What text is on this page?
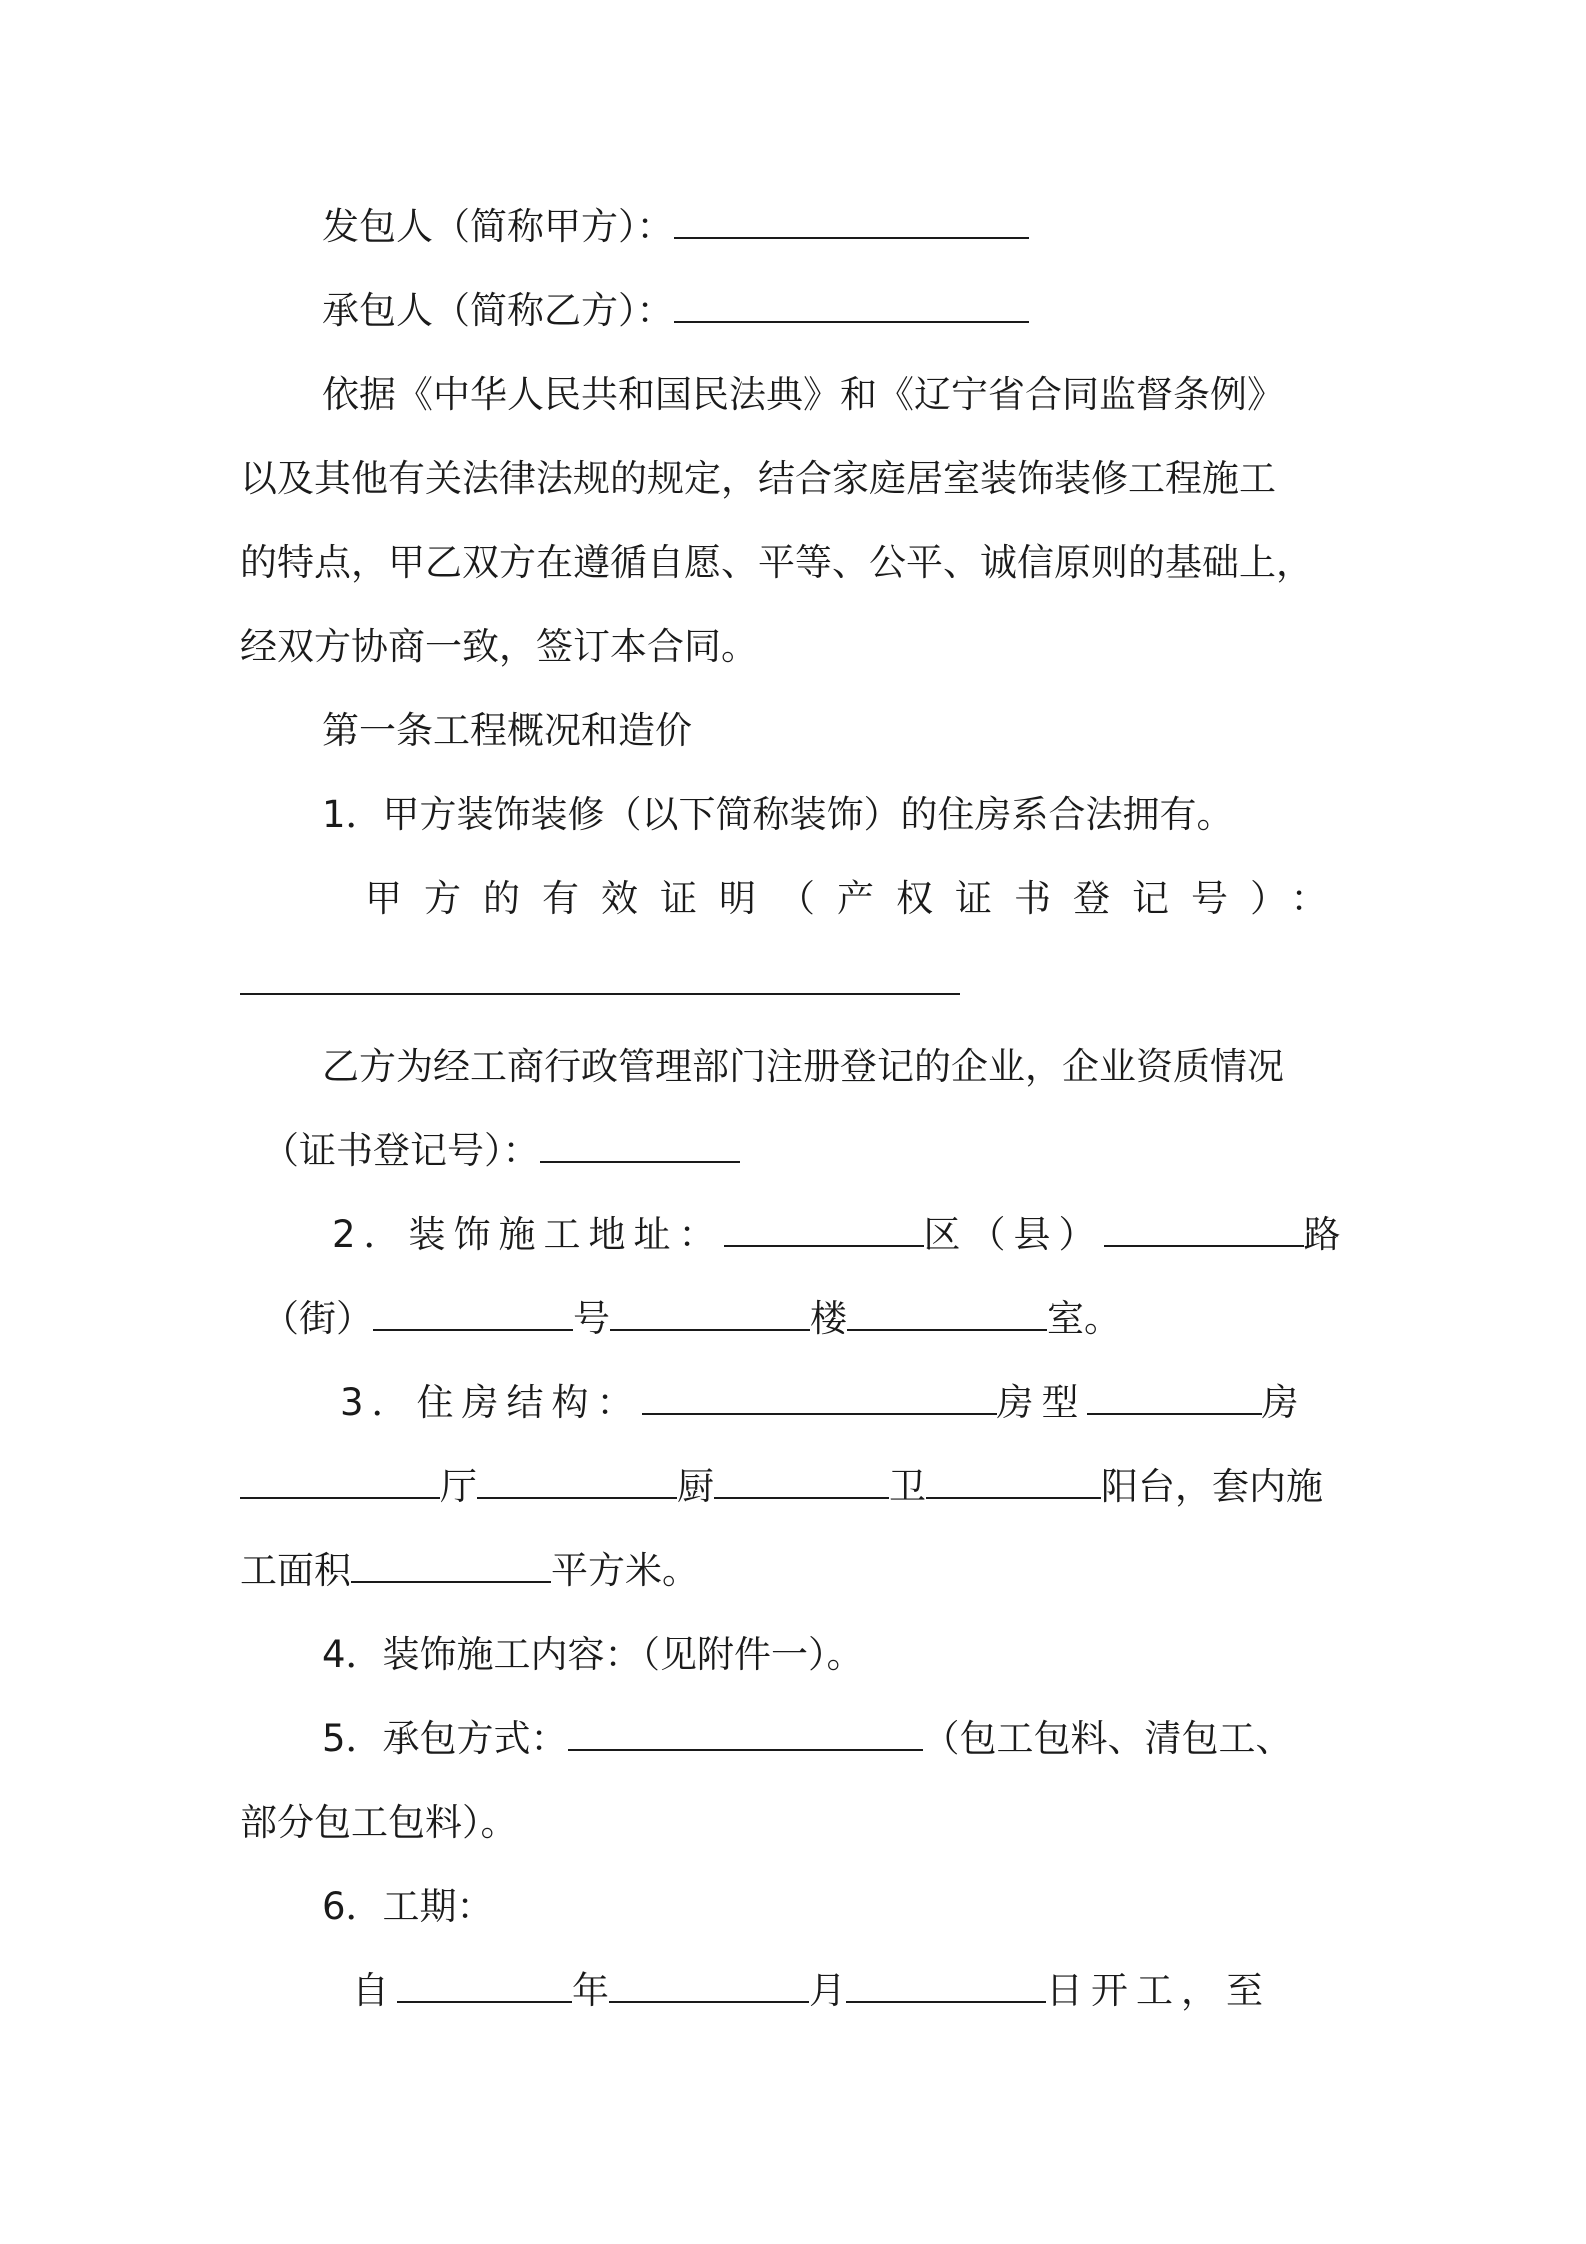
发包人（简称甲方）：
承包人（简称乙方）：
依据《中华人民共和国民法典》和《辽宁省合同监督条例》
以及其他有关法律法规的规定，结合家庭居室装饰装修工程施工
的特点，甲乙双方在遵循自愿、平等、公平、诚信原则的基础上，
经双方协商一致，签订本合同。
第一条工程概况和造价
1．甲方装饰装修（以下简称装饰）的住房系合法拥有。
甲方的有效证明（产权证书登记号）：
乙方为经工商行政管理部门注册登记的企业，企业资质情况
（证书登记号）：
2．装饰施工地址：	区（县）	路
（街）	号	楼	室。
3．住房结构：	房型	房
厅	厨	卫	阳台，套内施
工面积	平方米。
4．装饰施工内容：（见附件一）。
5．承包方式：	（包工包料、清包工、
部分包工包料）。
6．工期：
自	年	月	日开工，至
